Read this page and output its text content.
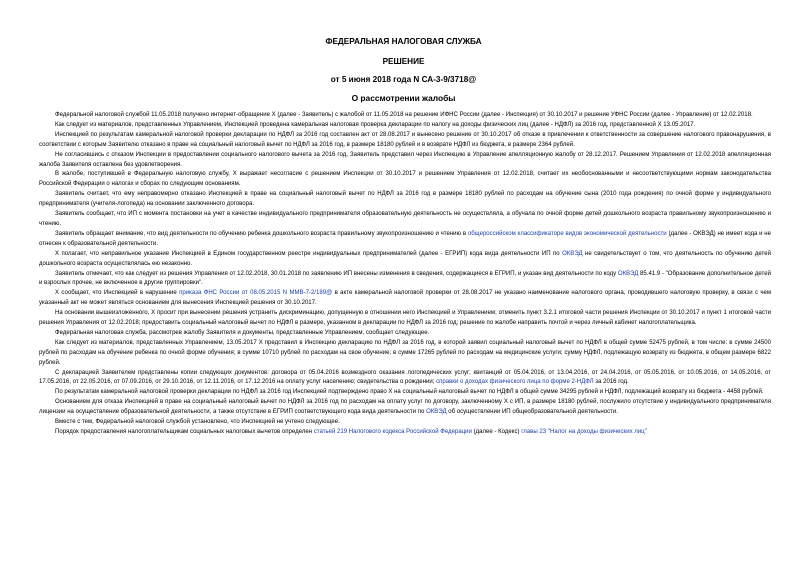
ФЕДЕРАЛЬНАЯ НАЛОГОВАЯ СЛУЖБА
РЕШЕНИЕ
от 5 июня 2018 года N СА-3-9/3718@
О рассмотрении жалобы

Федеральной налоговой службой 11.05.2018 получено интернет-обращение Х (далее - Заявитель) с жалобой от 11.05.2018 на решение ИФНС России (далее - Инспекция) от 30.10.2017 и решение УФНС России (далее - Управление) от 12.02.2018.

Как следует из материалов, представленных Управлением, Инспекцией проведена камеральная налоговая проверка декларации по налогу на доходы физических лиц (далее - НДФЛ) за 2016 год, представленной Х 13.05.2017.

Инспекцией по результатам камеральной налоговой проверки декларации по НДФЛ за 2016 год составлен акт от 28.08.2017 и вынесено решение от 30.10.2017 об отказе в привлечении к ответственности за совершение налогового правонарушения, в соответствии с которым Заявителю отказано в праве на социальный налоговый вычет по НДФЛ за 2016 год, в размере 18180 рублей и в возврате НДФЛ из бюджета, в размере 2364 рублей.

Не согласившись с отказом Инспекции в предоставлении социального налогового вычета за 2016 год, Заявитель представил через Инспекцию в Управление апелляционную жалобу от 28.12.2017. Решением Управления от 12.02.2018 апелляционная жалоба Заявителя оставлена без удовлетворения.

В жалобе, поступившей в Федеральную налоговую службу, Х выражает несогласие с решением Инспекции от 30.10.2017 и решением Управления от 12.02.2018, считает их необоснованными и несоответствующими нормам законодательства Российской Федерации о налогах и сборах по следующим основаниям.

Заявитель считает, что ему неправомерно отказано Инспекцией в праве на социальный налоговый вычет по НДФЛ за 2016 год в размере 18180 рублей по расходам на обучение сына (2010 года рождения) по очной форме у индивидуального предпринимателя (учителя-логопеда) на основании заключенного договора.

Заявитель сообщает, что ИП с момента постановки на учет в качестве индивидуального предпринимателя образовательную деятельность не осуществляла, а обучала по очной форме детей дошкольного возраста правильному звукопроизношению и чтению.

Заявитель обращает внимание, что вид деятельности по обучению ребенка дошкольного возраста правильному звукопроизношению и чтению в общероссийском классификаторе видов экономической деятельности (далее - ОКВЭД) не имеет кода и не отнесен к образовательной деятельности.

Х полагает, что неправильное указание Инспекцией в Едином государственном реестре индивидуальных предпринимателей (далее - ЕГРИП) кода вида деятельности ИП по ОКВЭД не свидетельствует о том, что деятельность по обучению детей дошкольного возраста осуществлялась ею незаконно.

Заявитель отмечает, что как следует из решения Управления от 12.02.2018, 30.01.2018 по заявлению ИП внесены изменения в сведения, содержащиеся в ЕГРИП, и указан вид деятельности по коду ОКВЭД 85.41.9 - "Образование дополнительное детей и взрослых прочее, не включенное в другие группировки".

Х сообщает, что Инспекцией в нарушение приказа ФНС России от 08.05.2015 N ММВ-7-2/189@ в акте камеральной налоговой проверки от 28.08.2017 не указано наименование налогового органа, проводившего налоговую проверку, в связи с чем указанный акт не может являться основанием для вынесения Инспекцией решения от 30.10.2017.

На основании вышеизложенного, Х просит при вынесении решения устранить дискриминацию, допущенную в отношении него Инспекцией и Управлением; отменить пункт 3.2.1 итоговой части решения Инспекции от 30.10.2017 и пункт 1 итоговой части решения Управления от 12.02.2018; предоставить социальный налоговый вычет по НДФЛ в размере, указанном в декларации по НДФЛ за 2016 год; решение по жалобе направить почтой и через личный кабинет налогоплательщика.

Федеральная налоговая служба, рассмотрев жалобу Заявителя и документы, представленные Управлением, сообщает следующее.

Как следует из материалов, представленных Управлением, 13.05.2017 Х представил в Инспекцию декларацию по НДФЛ за 2016 год, в которой заявил социальный налоговый вычет по НДФЛ в общей сумме 52475 рублей, в том числе: в сумме 24500 рублей по расходам на обучение ребенка по очной форме обучения; в сумме 10710 рублей по расходам на свое обучение; в сумме 17265 рублей по расходам на медицинские услуги; сумму НДФЛ, подлежащую возврату из бюджета, в общем размере 6822 рублей.

С декларацией Заявителем представлены копии следующих документов: договора от 05.04.2016 возмездного оказания логопедических услуг; квитанций от 05.04.2016, от 13.04.2016, от 24.04.2016, от 05.05.2016, от 10.05.2016, от 14.05.2016, от 17.05.2016, от 22.05.2016, от 07.09.2016, от 29.10.2016, от 12.11.2016, от 17.12.2016 на оплату услуг населению; свидетельства о рождении; справки о доходах физического лица по форме 2-НДФЛ за 2016 год.

По результатам камеральной налоговой проверки декларации по НДФЛ за 2016 год Инспекцией подтверждено право Х на социальный налоговый вычет по НДФЛ в общей сумме 34295 рублей и НДФЛ, подлежащий возврату из бюджета - 4458 рублей.

Основанием для отказа Инспекцией в праве на социальный налоговый вычет по НДФЛ за 2016 год по расходам на оплату услуг по договору, заключенному Х с ИП, в размере 18180 рублей, послужило отсутствие у индивидуального предпринимателя лицензии на осуществление образовательной деятельности, а также отсутствие в ЕГРИП соответствующего кода вида деятельности по ОКВЭД об осуществлении ИП общеобразовательной деятельности.

Вместе с тем, Федеральной налоговой службой установлено, что Инспекцией не учтено следующее.

Порядок предоставления налогоплательщикам социальных налоговых вычетов определен статьей 219 Налогового кодекса Российской Федерации (далее - Кодекс) главы 23 "Налог на доходы физических лиц"
